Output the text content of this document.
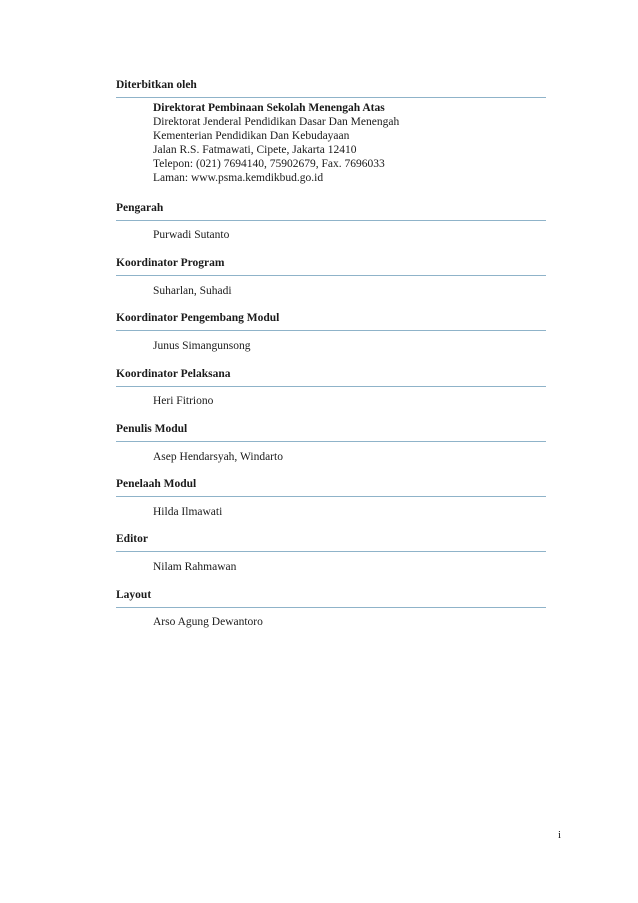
Diterbitkan oleh
Direktorat Pembinaan Sekolah Menengah Atas
Direktorat Jenderal Pendidikan Dasar Dan Menengah
Kementerian Pendidikan Dan Kebudayaan
Jalan R.S. Fatmawati, Cipete, Jakarta 12410
Telepon: (021) 7694140, 75902679, Fax. 7696033
Laman: www.psma.kemdikbud.go.id
Pengarah
Purwadi Sutanto
Koordinator Program
Suharlan, Suhadi
Koordinator Pengembang Modul
Junus Simangunsong
Koordinator Pelaksana
Heri Fitriono
Penulis Modul
Asep Hendarsyah, Windarto
Penelaah Modul
Hilda Ilmawati
Editor
Nilam Rahmawan
Layout
Arso Agung Dewantoro
i
